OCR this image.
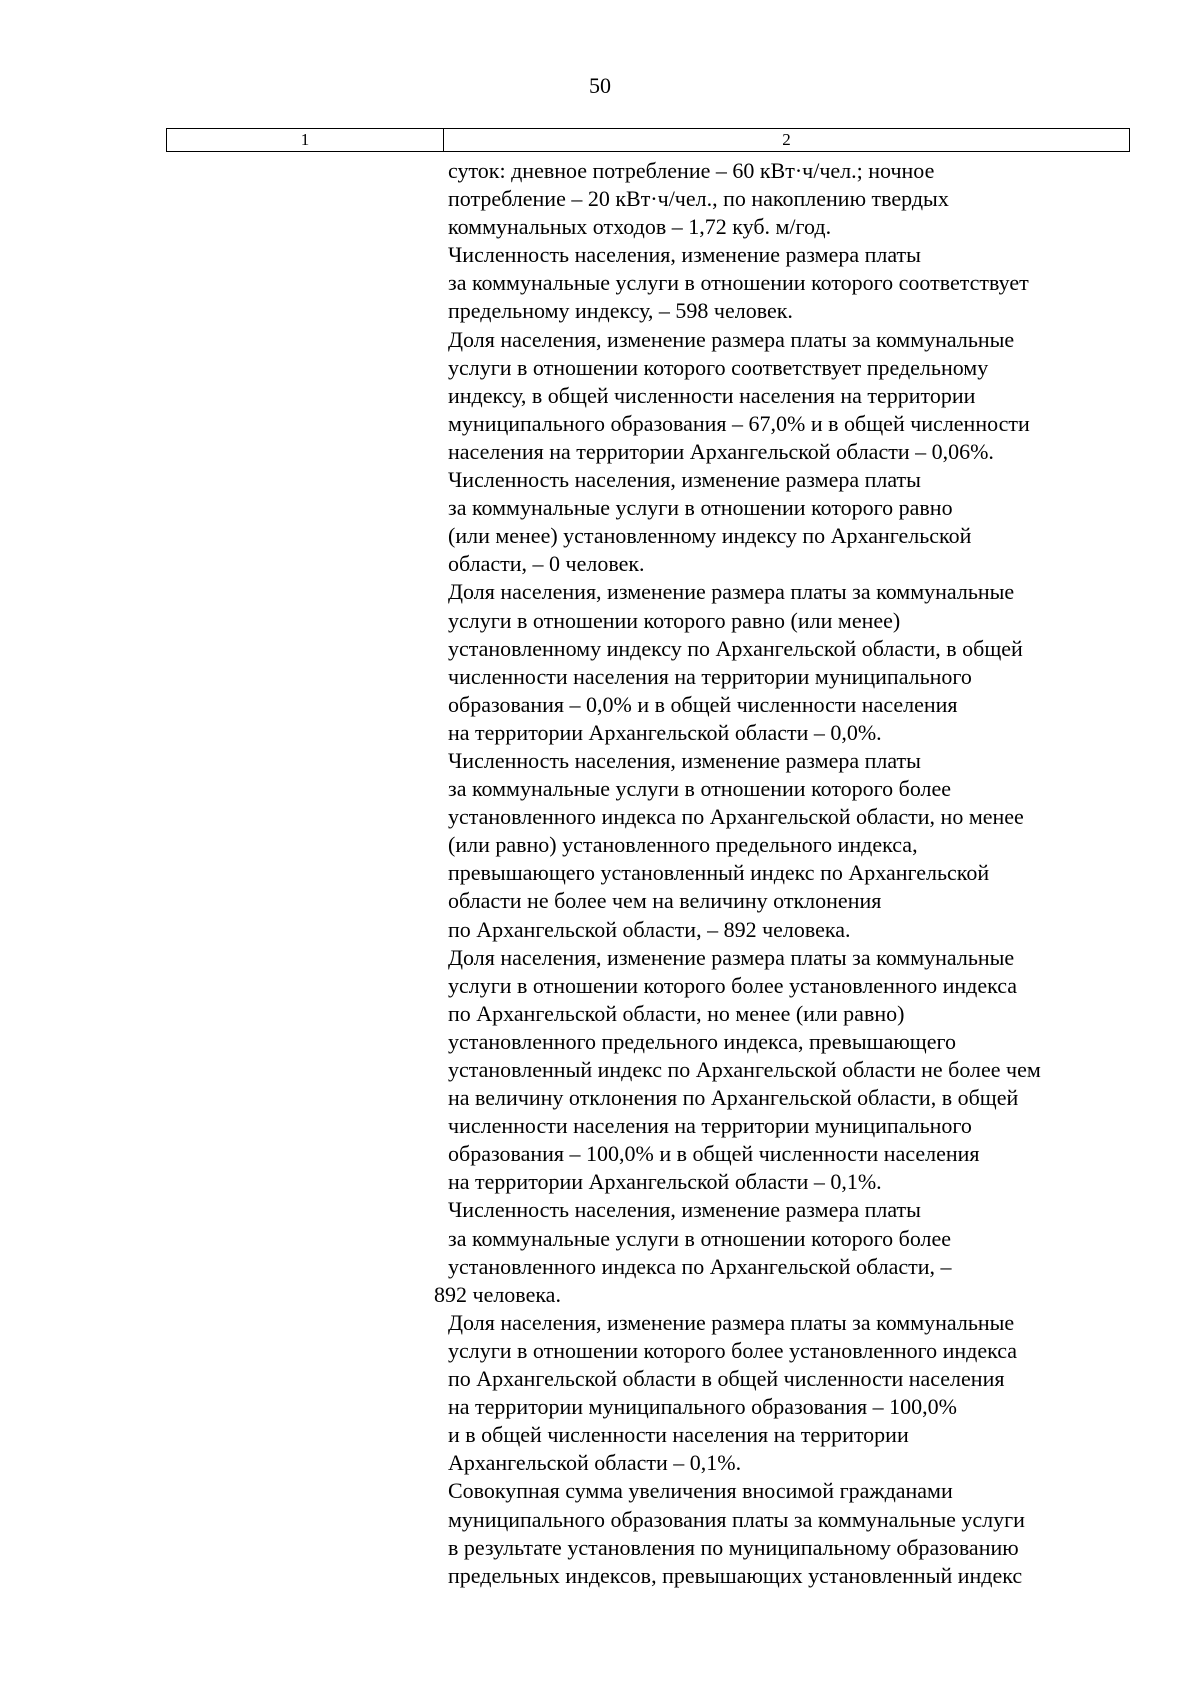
50
1	2
суток: дневное потребление – 60 кВт·ч/чел.; ночное
потребление – 20 кВт·ч/чел., по накоплению твердых
коммунальных отходов – 1,72 куб. м/год.
Численность населения, изменение размера платы
за коммунальные услуги в отношении которого соответствует
предельному индексу, – 598 человек.
Доля населения, изменение размера платы за коммунальные
услуги в отношении которого соответствует предельному
индексу, в общей численности населения на территории
муниципального образования – 67,0% и в общей численности
населения на территории Архангельской области – 0,06%.
Численность населения, изменение размера платы
за коммунальные услуги в отношении которого равно
(или менее) установленному индексу по Архангельской
области, – 0 человек.
Доля населения, изменение размера платы за коммунальные
услуги в отношении которого равно (или менее)
установленному индексу по Архангельской области, в общей
численности населения на территории муниципального
образования – 0,0% и в общей численности населения
на территории Архангельской области – 0,0%.
Численность населения, изменение размера платы
за коммунальные услуги в отношении которого более
установленного индекса по Архангельской области, но менее
(или равно) установленного предельного индекса,
превышающего установленный индекс по Архангельской
области не более чем на величину отклонения
по Архангельской области, – 892 человека.
Доля населения, изменение размера платы за коммунальные
услуги в отношении которого более установленного индекса
по Архангельской области, но менее (или равно)
установленного предельного индекса, превышающего
установленный индекс по Архангельской области не более чем
на величину отклонения по Архангельской области, в общей
численности населения на территории муниципального
образования – 100,0% и в общей численности населения
на территории Архангельской области – 0,1%.
Численность населения, изменение размера платы
за коммунальные услуги в отношении которого более
установленного индекса по Архангельской области, –
892 человека.
Доля населения, изменение размера платы за коммунальные
услуги в отношении которого более установленного индекса
по Архангельской области в общей численности населения
на территории муниципального образования – 100,0%
и в общей численности населения на территории
Архангельской области – 0,1%.
Совокупная сумма увеличения вносимой гражданами
муниципального образования платы за коммунальные услуги
в результате установления по муниципальному образованию
предельных индексов, превышающих установленный индекс
